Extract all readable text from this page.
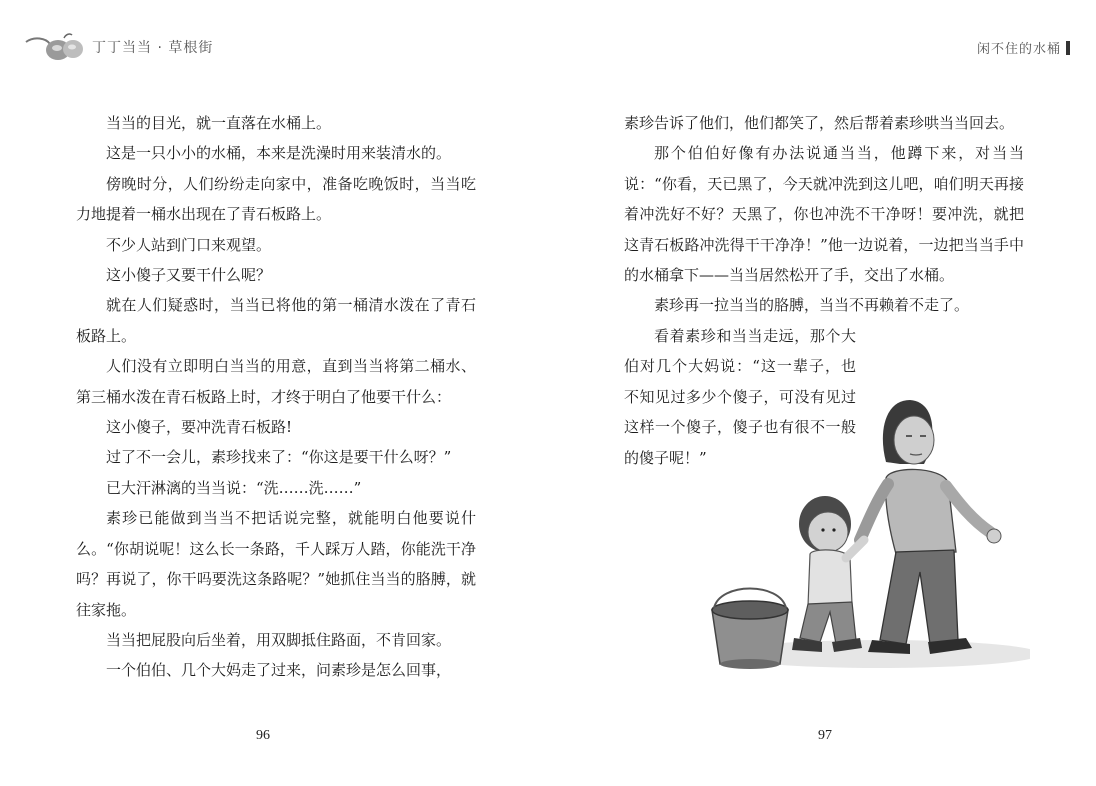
丁丁当当 · 草根街	闲不住的水桶

当当的目光，就一直落在水桶上。

这是一只小小的水桶，本来是洗澡时用来装清水的。

傍晚时分，人们纷纷走向家中，准备吃晚饭时，当当吃力地提着一桶水出现在了青石板路上。

不少人站到门口来观望。

这小傻子又要干什么呢？

就在人们疑惑时，当当已将他的第一桶清水泼在了青石板路上。

人们没有立即明白当当的用意，直到当当将第二桶水、第三桶水泼在青石板路上时，才终于明白了他要干什么：

这小傻子，要冲洗青石板路!

过了不一会儿，素珍找来了：“你这是要干什么呀？”

已大汗淋漓的当当说：“洗……洗……”

素珍已能做到当当不把话说完整，就能明白他要说什么。“你胡说呢！这么长一条路，千人踩万人踏，你能洗干净吗？再说了，你干吗要洗这条路呢？”她抓住当当的胳膊，就往家拖。

当当把屁股向后坐着，用双脚抵住路面，不肯回家。

一个伯伯、几个大妈走了过来，问素珍是怎么回事，

素珍告诉了他们，他们都笑了，然后帮着素珍哄当当回去。

那个伯伯好像有办法说通当当，他蹲下来，对当当说：“你看，天已黑了，今天就冲洗到这儿吧，咱们明天再接着冲洗好不好？天黑了，你也冲洗不干净呀！要冲洗，就把这青石板路冲洗得干干净净！”他一边说着，一边把当当手中的水桶拿下——当当居然松开了手，交出了水桶。

素珍再一拉当当的胳膊，当当不再赖着不走了。

看着素珍和当当走远，那个大伯对几个大妈说：“这一辈子，也不知见过多少个傻子，可没有见过这样一个傻子，傻子也有很不一般的傻子呢！”

96	97
